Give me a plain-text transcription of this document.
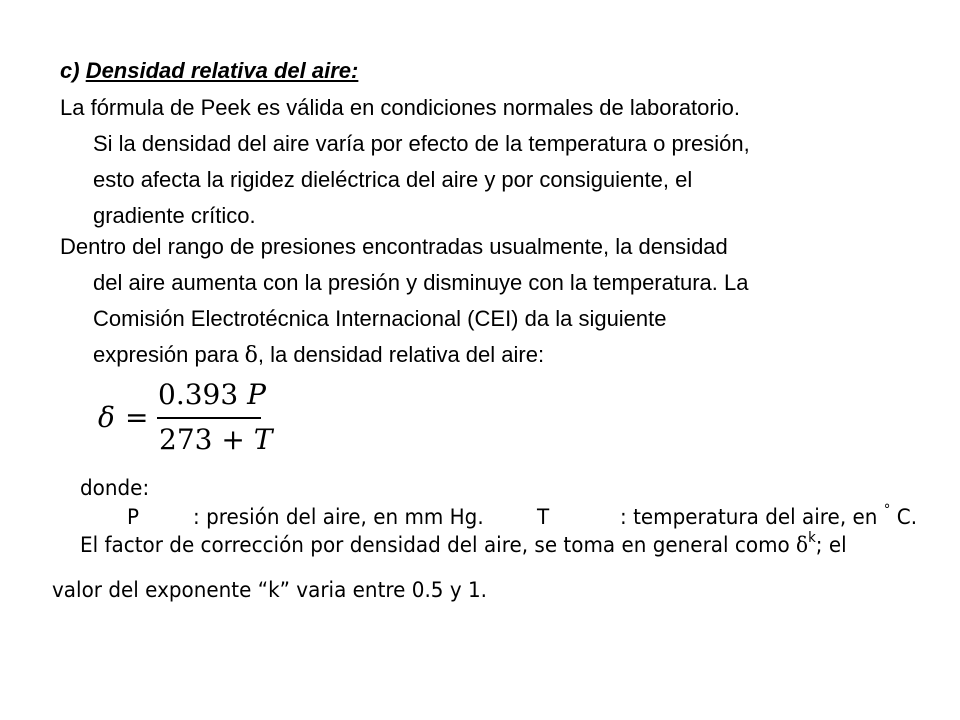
c) Densidad relativa del aire:
La fórmula de Peek es válida en condiciones normales de laboratorio.
Si la densidad del aire varía por efecto de la temperatura o presión,
esto afecta la rigidez dieléctrica del aire y por consiguiente, el
gradiente crítico.
Dentro del rango de presiones encontradas usualmente, la densidad
del aire aumenta con la presión y disminuye con la temperatura. La
Comisión Electrotécnica Internacional (CEI) da la siguiente
expresión para δ, la densidad relativa del aire:
δ =
0.393 P
273 + T
donde:
P	: presión del aire, en mm Hg.	T	: temperatura del aire, en ° C.
El factor de corrección por densidad del aire, se toma en general como $\delta^k$; el
valor del exponente “k” varia entre 0.5 y 1.
